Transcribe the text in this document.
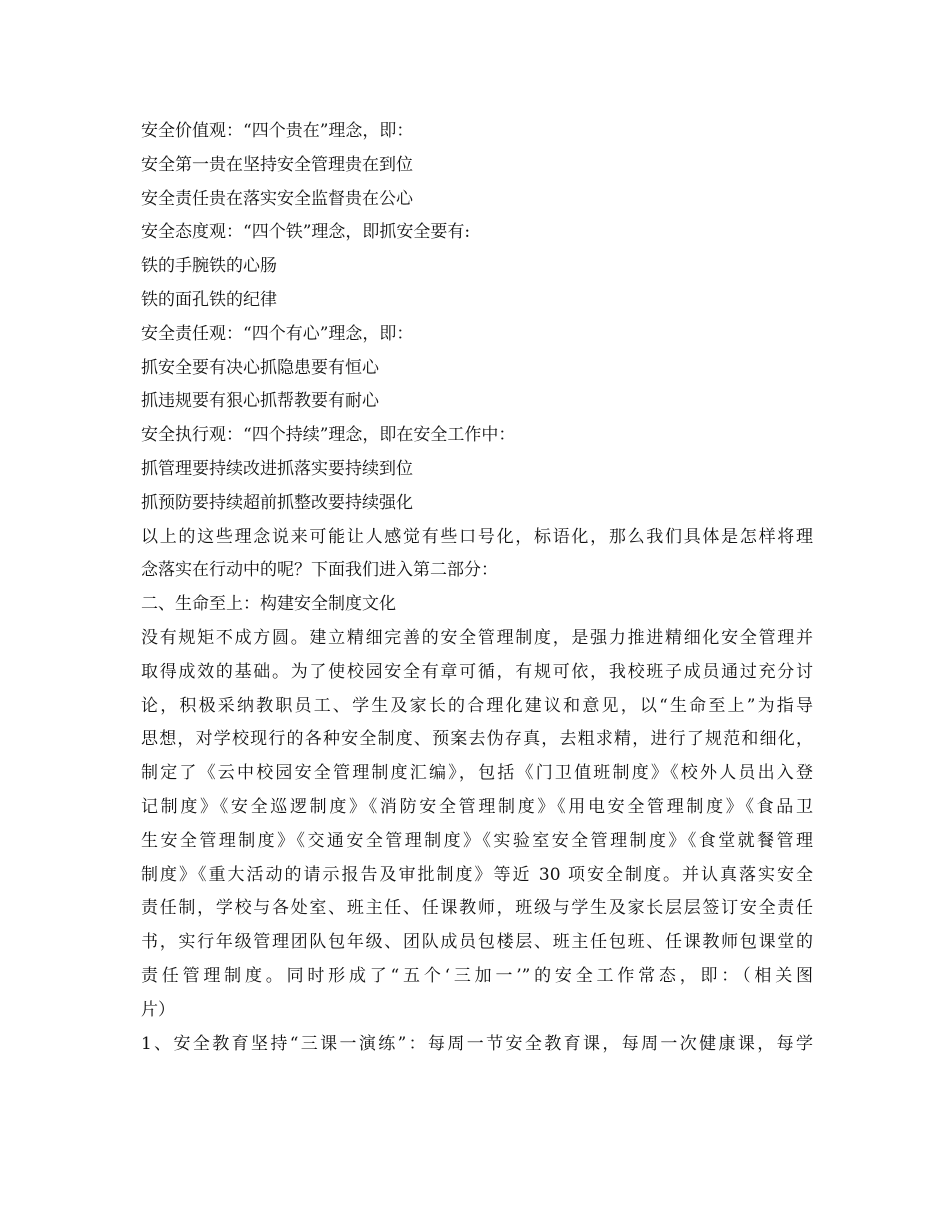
安全价值观：“四个贵在”理念，即：
安全第一贵在坚持安全管理贵在到位
安全责任贵在落实安全监督贵在公心
安全态度观：“四个铁”理念，即抓安全要有:
铁的手腕铁的心肠
铁的面孔铁的纪律
安全责任观：“四个有心”理念，即：
抓安全要有决心抓隐患要有恒心
抓违规要有狠心抓帮教要有耐心
安全执行观：“四个持续”理念，即在安全工作中：
抓管理要持续改进抓落实要持续到位
抓预防要持续超前抓整改要持续强化
以上的这些理念说来可能让人感觉有些口号化，标语化，那么我们具体是怎样将理
念落实在行动中的呢？下面我们进入第二部分：
二、生命至上：构建安全制度文化
没有规矩不成方圆。建立精细完善的安全管理制度，是强力推进精细化安全管理并
取得成效的基础。为了使校园安全有章可循，有规可依，我校班子成员通过充分讨
论，积极采纳教职员工、学生及家长的合理化建议和意见，以“生命至上”为指导
思想，对学校现行的各种安全制度、预案去伪存真，去粗求精，进行了规范和细化，
制定了《云中校园安全管理制度汇编》，包括《门卫值班制度》《校外人员出入登
记制度》《安全巡逻制度》《消防安全管理制度》《用电安全管理制度》《食品卫
生安全管理制度》《交通安全管理制度》《实验室安全管理制度》《食堂就餐管理
制度》《重大活动的请示报告及审批制度》等近 30 项安全制度。并认真落实安全
责任制，学校与各处室、班主任、任课教师，班级与学生及家长层层签订安全责任
书，实行年级管理团队包年级、团队成员包楼层、班主任包班、任课教师包课堂的
责任管理制度。同时形成了“五个‘三加一’”的安全工作常态，即：（相关图
片）
1、安全教育坚持“三课一演练”：每周一节安全教育课，每周一次健康课，每学
